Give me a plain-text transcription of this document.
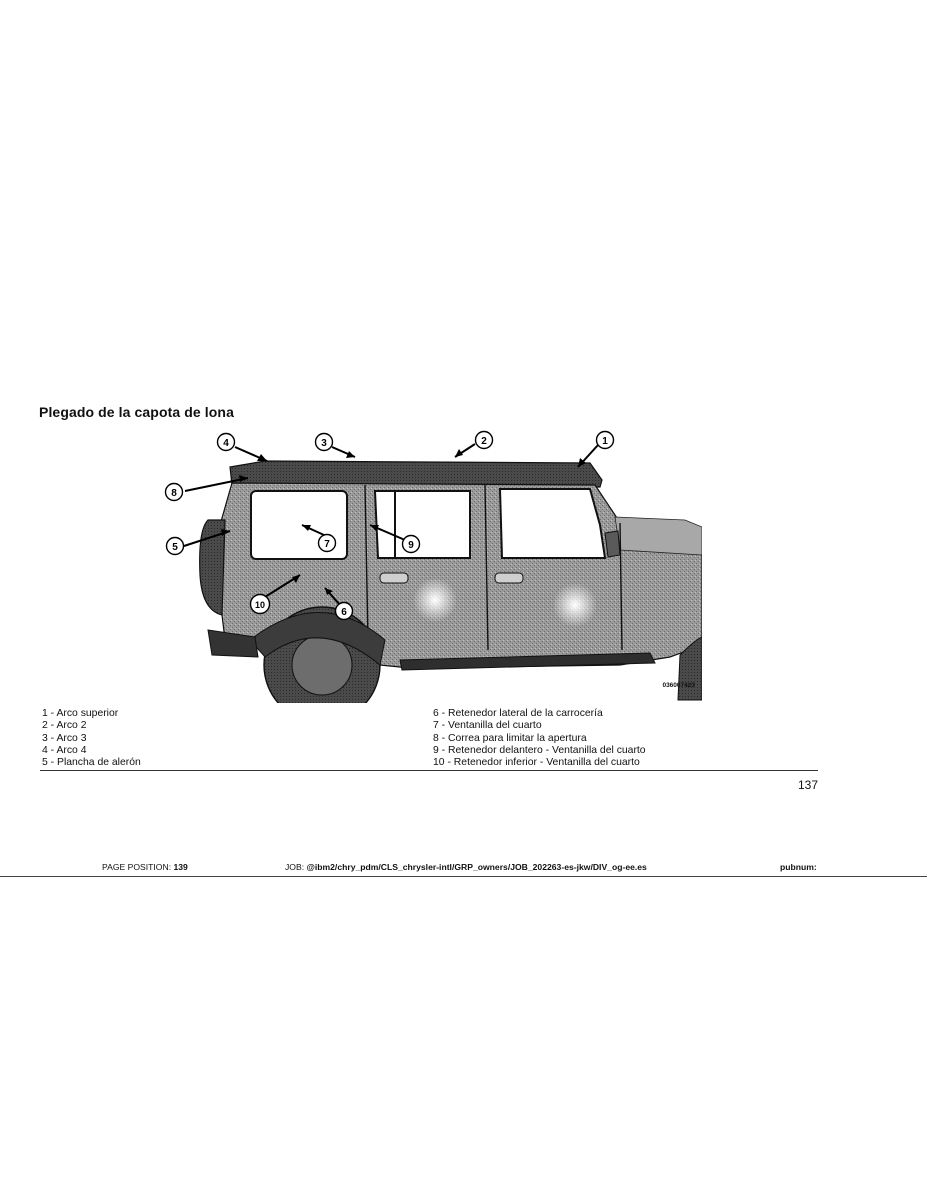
Plegado de la capota de lona
1
2
3
4
5
6
7
8
9
10
036007423
1 - Arco superior
2 - Arco 2
3 - Arco 3
4 - Arco 4
5 - Plancha de alerón
6 - Retenedor lateral de la carrocería
7 - Ventanilla del cuarto
8 - Correa para limitar la apertura
9 - Retenedor delantero - Ventanilla del cuarto
10 - Retenedor inferior - Ventanilla del cuarto
137
PAGE POSITION: 139	JOB: @ibm2/chry_pdm/CLS_chrysler-intl/GRP_owners/JOB_202263-es-jkw/DIV_og-ee.es	pubnum:
